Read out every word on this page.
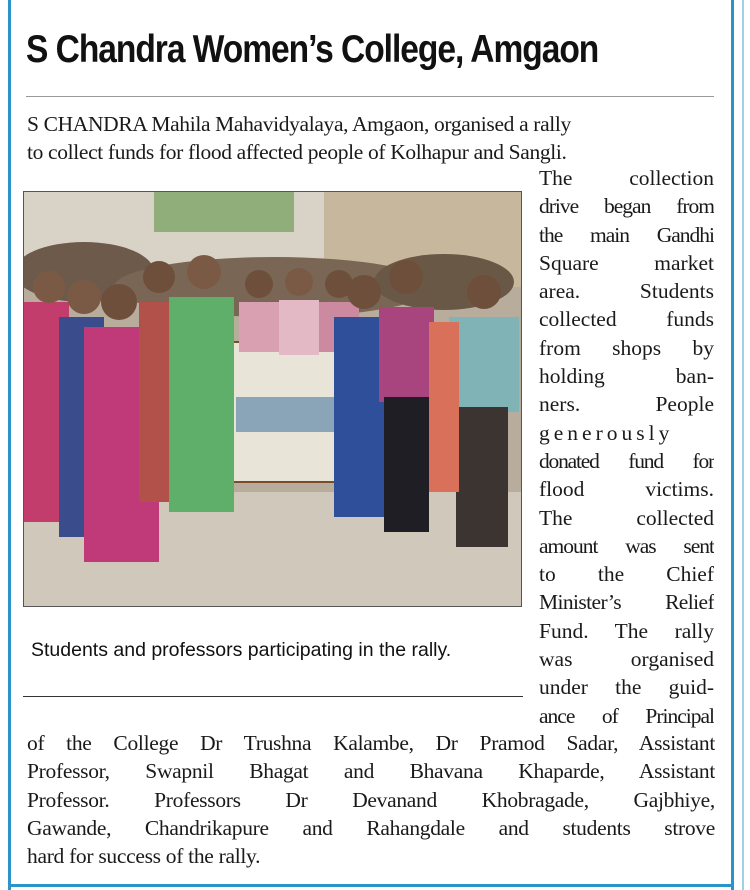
S Chandra Women’s College, Amgaon
S CHANDRA Mahila Mahavidyalaya, Amgaon, organised a rally
to collect funds for flood affected people of Kolhapur and Sangli.
Students and professors participating in the rally.
The collection
drive began from
the main Gandhi
Square market
area. Students
collected funds
from shops by
holding ban-
ners. People
generously
donated fund for
flood victims.
The collected
amount was sent
to the Chief
Minister’s Relief
Fund. The rally
was organised
under the guid-
ance of Principal
of the College Dr Trushna Kalambe, Dr Pramod Sadar, Assistant
Professor, Swapnil Bhagat and Bhavana Khaparde, Assistant
Professor. Professors Dr Devanand Khobragade, Gajbhiye,
Gawande, Chandrikapure and Rahangdale and students strove
hard for success of the rally.
